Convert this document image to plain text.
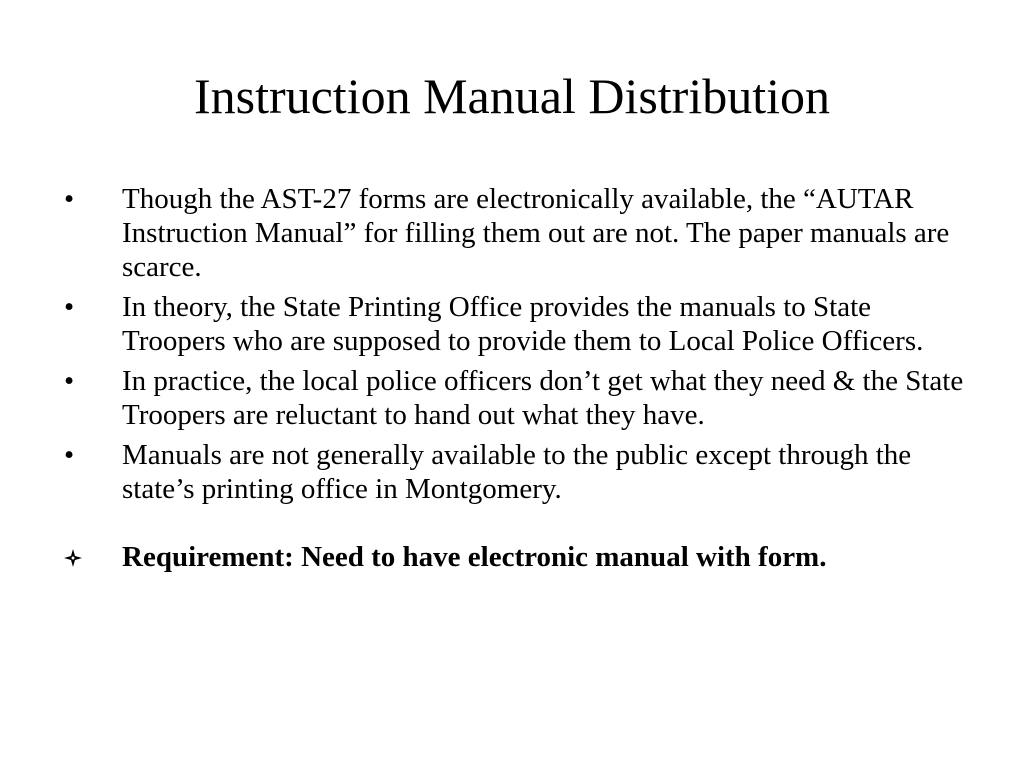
Instruction Manual Distribution
•	Though the AST-27 forms are electronically available, the “AUTAR Instruction Manual” for filling them out are not. The paper manuals are scarce.
•	In theory, the State Printing Office provides the manuals to State Troopers who are supposed to provide them to Local Police Officers.
•	In practice, the local police officers don’t get what they need & the State Troopers are reluctant to hand out what they have.
•	Manuals are not generally available to the public except through the state’s printing office in Montgomery.
Requirement: Need to have electronic manual with form.
